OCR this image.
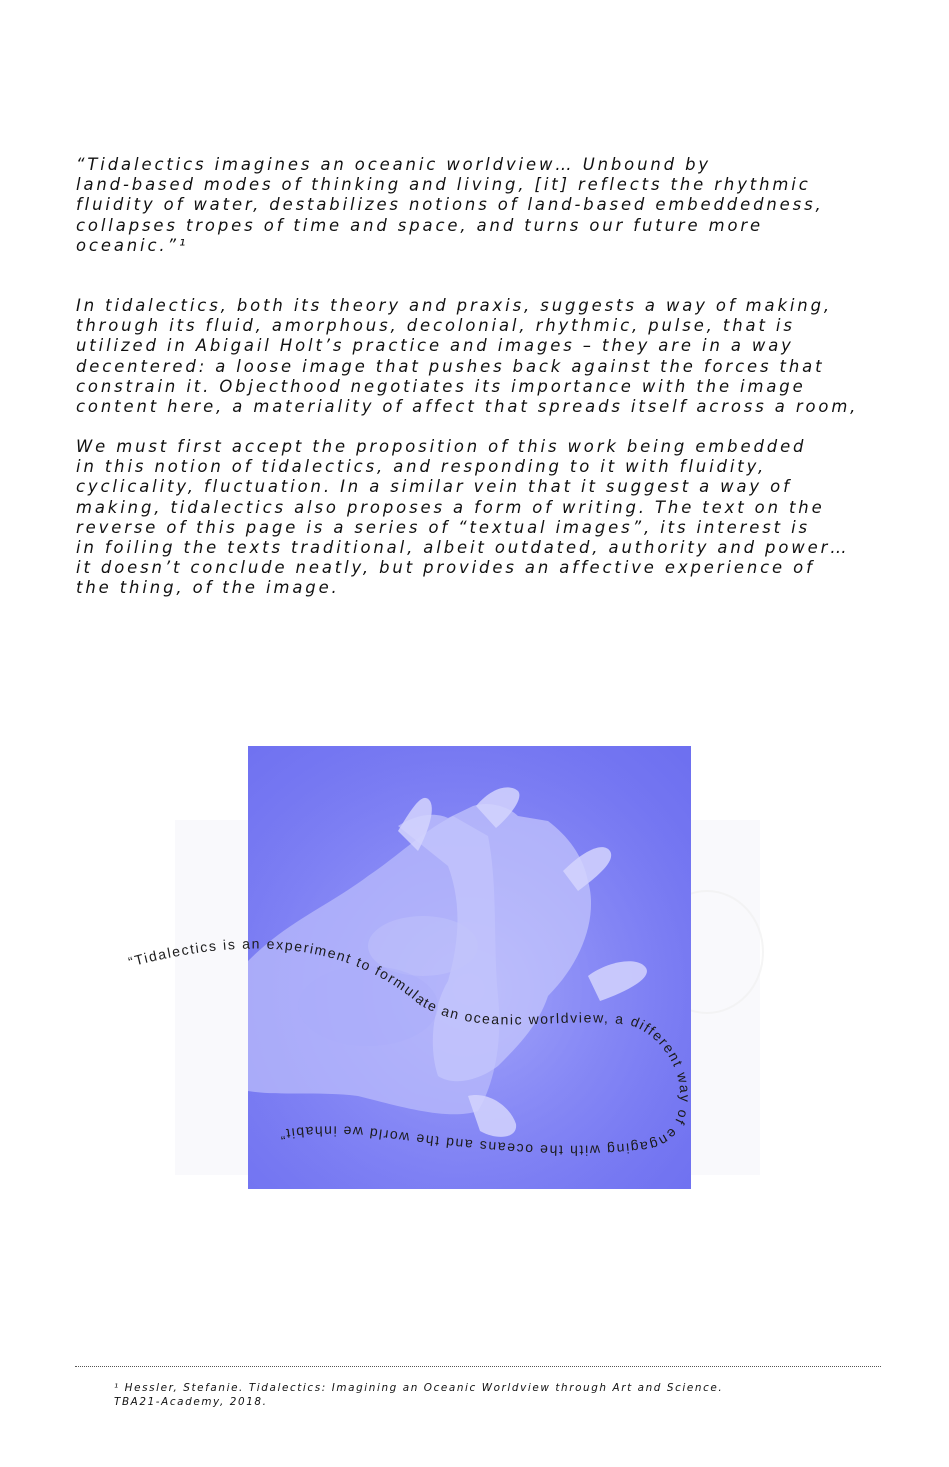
“Tidalectics imagines an oceanic worldview… Unbound by
land-based modes of thinking and living, [it] reflects the rhythmic
fluidity of water, destabilizes notions of land-based embeddedness,
collapses tropes of time and space, and turns our future more
oceanic.”¹

In tidalectics, both its theory and praxis, suggests a way of making,
through its fluid, amorphous, decolonial, rhythmic, pulse, that is
utilized in Abigail Holt’s practice and images – they are in a way
decentered: a loose image that pushes back against the forces that
constrain it. Objecthood negotiates its importance with the image
content here, a materiality of affect that spreads itself across a room,

We must first accept the proposition of this work being embedded
in this notion of tidalectics, and responding to it with fluidity,
cyclicality, fluctuation. In a similar vein that it suggest a way of
making, tidalectics also proposes a form of writing. The text on the
reverse of this page is a series of “textual images”, its interest is
in foiling the texts traditional, albeit outdated, authority and power…
it doesn’t conclude neatly, but provides an affective experience of
the thing, of the image.

“Tidalectics is an experiment to formulate an oceanic worldview, a different way of engaging with the oceans and the world we inhabit”

¹ Hessler, Stefanie. Tidalectics: Imagining an Oceanic Worldview through Art and Science.
TBA21-Academy, 2018.
